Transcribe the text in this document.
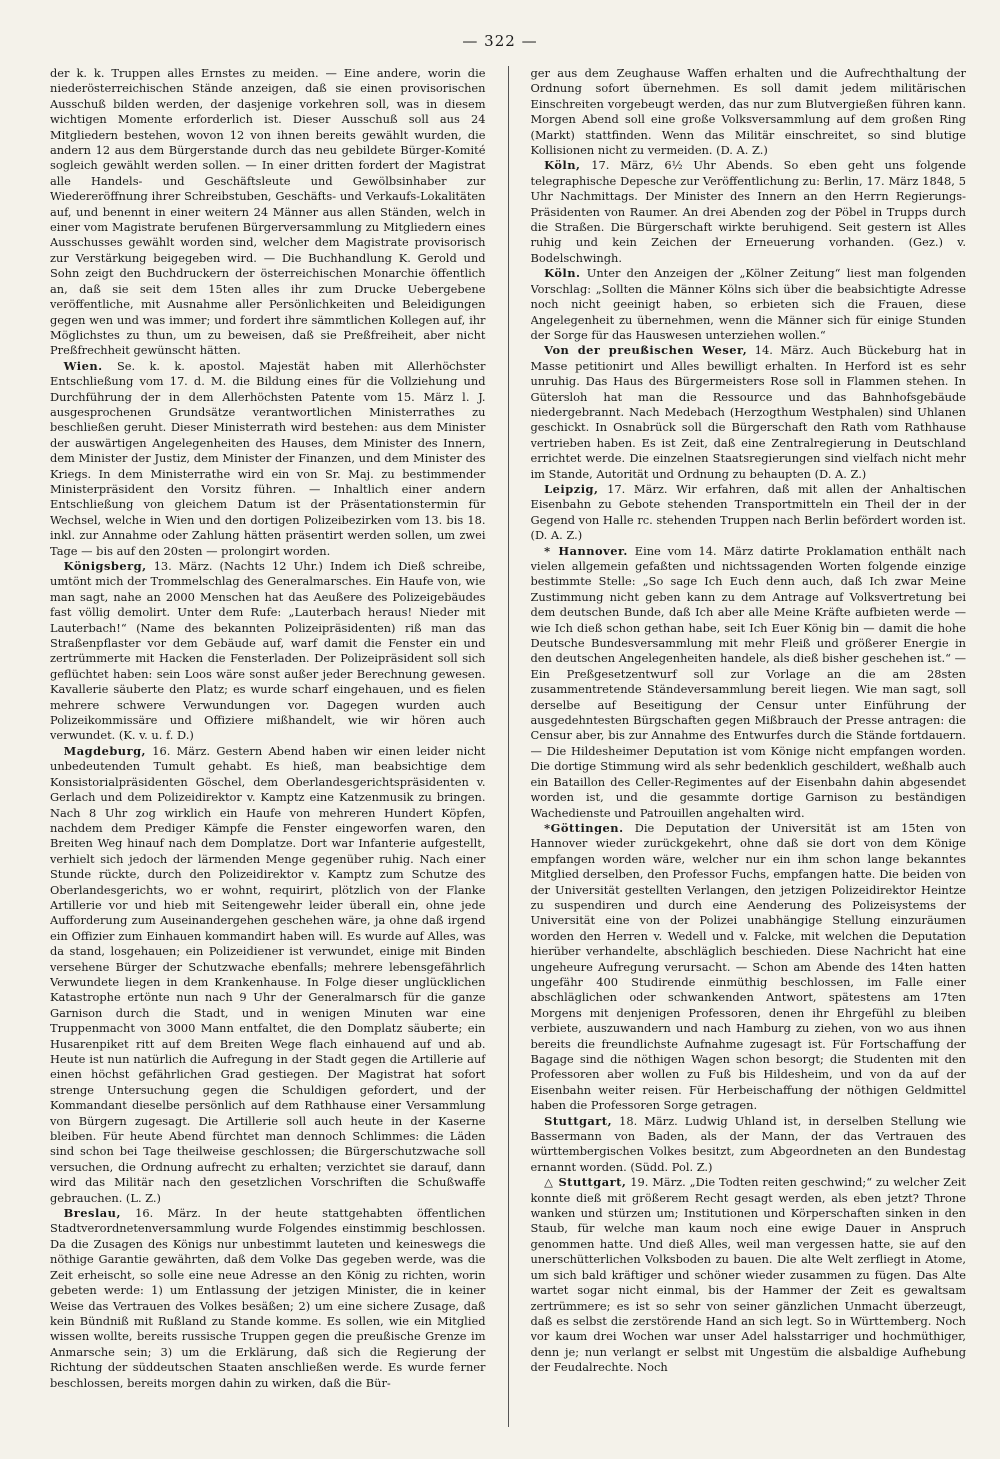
— 322 —

der k. k. Truppen alles Ernstes zu meiden. — Eine andere, worin die niederösterreichischen Stände anzeigen, daß sie einen provisorischen Ausschuß bilden werden, der dasjenige vorkehren soll, was in diesem wichtigen Momente erforderlich ist. Dieser Ausschuß soll aus 24 Mitgliedern bestehen, wovon 12 von ihnen bereits gewählt wurden, die andern 12 aus dem Bürgerstande durch das neu gebildete Bürger-Komité sogleich gewählt werden sollen. — In einer dritten fordert der Magistrat alle Handels- und Geschäftsleute und Gewölbsinhaber zur Wiedereröffnung ihrer Schreibstuben, Geschäfts- und Verkaufs-Lokalitäten auf, und benennt in einer weitern 24 Männer aus allen Ständen, welch in einer vom Magistrate berufenen Bürgerversammlung zu Mitgliedern eines Ausschusses gewählt worden sind, welcher dem Magistrate provisorisch zur Verstärkung beigegeben wird. — Die Buchhandlung K. Gerold und Sohn zeigt den Buchdruckern der österreichischen Monarchie öffentlich an, daß sie seit dem 15ten alles ihr zum Drucke Uebergebene veröffentliche, mit Ausnahme aller Persönlichkeiten und Beleidigungen gegen wen und was immer; und fordert ihre sämmtlichen Kollegen auf, ihr Möglichstes zu thun, um zu beweisen, daß sie Preßfreiheit, aber nicht Preßfrechheit gewünscht hätten.

Wien. Se. k. k. apostol. Majestät haben mit Allerhöchster Entschließung vom 17. d. M. die Bildung eines für die Vollziehung und Durchführung der in dem Allerhöchsten Patente vom 15. März l. J. ausgesprochenen Grundsätze verantwortlichen Ministerrathes zu beschließen geruht. Dieser Ministerrath wird bestehen: aus dem Minister der auswärtigen Angelegenheiten des Hauses, dem Minister des Innern, dem Minister der Justiz, dem Minister der Finanzen, und dem Minister des Kriegs. In dem Ministerrathe wird ein von Sr. Maj. zu bestimmender Ministerpräsident den Vorsitz führen. — Inhaltlich einer andern Entschließung von gleichem Datum ist der Präsentationstermin für Wechsel, welche in Wien und den dortigen Polizeibezirken vom 13. bis 18. inkl. zur Annahme oder Zahlung hätten präsentirt werden sollen, um zwei Tage — bis auf den 20sten — prolongirt worden.

Königsberg, 13. März. (Nachts 12 Uhr.) Indem ich Dieß schreibe, umtönt mich der Trommelschlag des Generalmarsches. Ein Haufe von, wie man sagt, nahe an 2000 Menschen hat das Aeußere des Polizeigebäudes fast völlig demolirt. Unter dem Rufe: „Lauterbach heraus! Nieder mit Lauterbach!“ (Name des bekannten Polizeipräsidenten) riß man das Straßenpflaster vor dem Gebäude auf, warf damit die Fenster ein und zertrümmerte mit Hacken die Fensterladen. Der Polizeipräsident soll sich geflüchtet haben: sein Loos wäre sonst außer jeder Berechnung gewesen. Kavallerie säuberte den Platz; es wurde scharf eingehauen, und es fielen mehrere schwere Verwundungen vor. Dagegen wurden auch Polizeikommissäre und Offiziere mißhandelt, wie wir hören auch verwundet. (K. v. u. f. D.)

Magdeburg, 16. März. Gestern Abend haben wir einen leider nicht unbedeutenden Tumult gehabt. Es hieß, man beabsichtige dem Konsistorialpräsidenten Göschel, dem Oberlandesgerichtspräsidenten v. Gerlach und dem Polizeidirektor v. Kamptz eine Katzenmusik zu bringen. Nach 8 Uhr zog wirklich ein Haufe von mehreren Hundert Köpfen, nachdem dem Prediger Kämpfe die Fenster eingeworfen waren, den Breiten Weg hinauf nach dem Domplatze. Dort war Infanterie aufgestellt, verhielt sich jedoch der lärmenden Menge gegenüber ruhig. Nach einer Stunde rückte, durch den Polizeidirektor v. Kamptz zum Schutze des Oberlandesgerichts, wo er wohnt, requirirt, plötzlich von der Flanke Artillerie vor und hieb mit Seitengewehr leider überall ein, ohne jede Aufforderung zum Auseinandergehen geschehen wäre, ja ohne daß irgend ein Offizier zum Einhauen kommandirt haben will. Es wurde auf Alles, was da stand, losgehauen; ein Polizeidiener ist verwundet, einige mit Binden versehene Bürger der Schutzwache ebenfalls; mehrere lebensgefährlich Verwundete liegen in dem Krankenhause. In Folge dieser unglücklichen Katastrophe ertönte nun nach 9 Uhr der Generalmarsch für die ganze Garnison durch die Stadt, und in wenigen Minuten war eine Truppenmacht von 3000 Mann entfaltet, die den Domplatz säuberte; ein Husarenpiket ritt auf dem Breiten Wege flach einhauend auf und ab. Heute ist nun natürlich die Aufregung in der Stadt gegen die Artillerie auf einen höchst gefährlichen Grad gestiegen. Der Magistrat hat sofort strenge Untersuchung gegen die Schuldigen gefordert, und der Kommandant dieselbe persönlich auf dem Rathhause einer Versammlung von Bürgern zugesagt. Die Artillerie soll auch heute in der Kaserne bleiben. Für heute Abend fürchtet man dennoch Schlimmes: die Läden sind schon bei Tage theilweise geschlossen; die Bürgerschutzwache soll versuchen, die Ordnung aufrecht zu erhalten; verzichtet sie darauf, dann wird das Militär nach den gesetzlichen Vorschriften die Schußwaffe gebrauchen. (L. Z.)

Breslau, 16. März. In der heute stattgehabten öffentlichen Stadtverordnetenversammlung wurde Folgendes einstimmig beschlossen. Da die Zusagen des Königs nur unbestimmt lauteten und keineswegs die nöthige Garantie gewährten, daß dem Volke Das gegeben werde, was die Zeit erheischt, so solle eine neue Adresse an den König zu richten, worin gebeten werde: 1) um Entlassung der jetzigen Minister, die in keiner Weise das Vertrauen des Volkes besäßen; 2) um eine sichere Zusage, daß kein Bündniß mit Rußland zu Stande komme. Es sollen, wie ein Mitglied wissen wollte, bereits russische Truppen gegen die preußische Grenze im Anmarsche sein; 3) um die Erklärung, daß sich die Regierung der Richtung der süddeutschen Staaten anschließen werde. Es wurde ferner beschlossen, bereits morgen dahin zu wirken, daß die Bür-

ger aus dem Zeughause Waffen erhalten und die Aufrechthaltung der Ordnung sofort übernehmen. Es soll damit jedem militärischen Einschreiten vorgebeugt werden, das nur zum Blutvergießen führen kann. Morgen Abend soll eine große Volksversammlung auf dem großen Ring (Markt) stattfinden. Wenn das Militär einschreitet, so sind blutige Kollisionen nicht zu vermeiden. (D. A. Z.)

Köln, 17. März, 6½ Uhr Abends. So eben geht uns folgende telegraphische Depesche zur Veröffentlichung zu: Berlin, 17. März 1848, 5 Uhr Nachmittags. Der Minister des Innern an den Herrn Regierungs-Präsidenten von Raumer. An drei Abenden zog der Pöbel in Trupps durch die Straßen. Die Bürgerschaft wirkte beruhigend. Seit gestern ist Alles ruhig und kein Zeichen der Erneuerung vorhanden. (Gez.) v. Bodelschwingh.

Köln. Unter den Anzeigen der „Kölner Zeitung“ liest man folgenden Vorschlag: „Sollten die Männer Kölns sich über die beabsichtigte Adresse noch nicht geeinigt haben, so erbieten sich die Frauen, diese Angelegenheit zu übernehmen, wenn die Männer sich für einige Stunden der Sorge für das Hauswesen unterziehen wollen.“

Von der preußischen Weser, 14. März. Auch Bückeburg hat in Masse petitionirt und Alles bewilligt erhalten. In Herford ist es sehr unruhig. Das Haus des Bürgermeisters Rose soll in Flammen stehen. In Gütersloh hat man die Ressource und das Bahnhofsgebäude niedergebrannt. Nach Medebach (Herzogthum Westphalen) sind Uhlanen geschickt. In Osnabrück soll die Bürgerschaft den Rath vom Rathhause vertrieben haben. Es ist Zeit, daß eine Zentralregierung in Deutschland errichtet werde. Die einzelnen Staatsregierungen sind vielfach nicht mehr im Stande, Autorität und Ordnung zu behaupten (D. A. Z.)

Leipzig, 17. März. Wir erfahren, daß mit allen der Anhaltischen Eisenbahn zu Gebote stehenden Transportmitteln ein Theil der in der Gegend von Halle rc. stehenden Truppen nach Berlin befördert worden ist. (D. A. Z.)

* Hannover. Eine vom 14. März datirte Proklamation enthält nach vielen allgemein gefaßten und nichtssagenden Worten folgende einzige bestimmte Stelle: „So sage Ich Euch denn auch, daß Ich zwar Meine Zustimmung nicht geben kann zu dem Antrage auf Volksvertretung bei dem deutschen Bunde, daß Ich aber alle Meine Kräfte aufbieten werde — wie Ich dieß schon gethan habe, seit Ich Euer König bin — damit die hohe Deutsche Bundesversammlung mit mehr Fleiß und größerer Energie in den deutschen Angelegenheiten handele, als dieß bisher geschehen ist.“ — Ein Preßgesetzentwurf soll zur Vorlage an die am 28sten zusammentretende Ständeversammlung bereit liegen. Wie man sagt, soll derselbe auf Beseitigung der Censur unter Einführung der ausgedehntesten Bürgschaften gegen Mißbrauch der Presse antragen: die Censur aber, bis zur Annahme des Entwurfes durch die Stände fortdauern. — Die Hildesheimer Deputation ist vom Könige nicht empfangen worden. Die dortige Stimmung wird als sehr bedenklich geschildert, weßhalb auch ein Bataillon des Celler-Regimentes auf der Eisenbahn dahin abgesendet worden ist, und die gesammte dortige Garnison zu beständigen Wachedienste und Patrouillen angehalten wird.

*Göttingen. Die Deputation der Universität ist am 15ten von Hannover wieder zurückgekehrt, ohne daß sie dort von dem Könige empfangen worden wäre, welcher nur ein ihm schon lange bekanntes Mitglied derselben, den Professor Fuchs, empfangen hatte. Die beiden von der Universität gestellten Verlangen, den jetzigen Polizeidirektor Heintze zu suspendiren und durch eine Aenderung des Polizeisystems der Universität eine von der Polizei unabhängige Stellung einzuräumen worden den Herren v. Wedell und v. Falcke, mit welchen die Deputation hierüber verhandelte, abschläglich beschieden. Diese Nachricht hat eine ungeheure Aufregung verursacht. — Schon am Abende des 14ten hatten ungefähr 400 Studirende einmüthig beschlossen, im Falle einer abschläglichen oder schwankenden Antwort, spätestens am 17ten Morgens mit denjenigen Professoren, denen ihr Ehrgefühl zu bleiben verbiete, auszuwandern und nach Hamburg zu ziehen, von wo aus ihnen bereits die freundlichste Aufnahme zugesagt ist. Für Fortschaffung der Bagage sind die nöthigen Wagen schon besorgt; die Studenten mit den Professoren aber wollen zu Fuß bis Hildesheim, und von da auf der Eisenbahn weiter reisen. Für Herbeischaffung der nöthigen Geldmittel haben die Professoren Sorge getragen.

Stuttgart, 18. März. Ludwig Uhland ist, in derselben Stellung wie Bassermann von Baden, als der Mann, der das Vertrauen des württembergischen Volkes besitzt, zum Abgeordneten an den Bundestag ernannt worden. (Südd. Pol. Z.)

△ Stuttgart, 19. März. „Die Todten reiten geschwind;“ zu welcher Zeit konnte dieß mit größerem Recht gesagt werden, als eben jetzt? Throne wanken und stürzen um; Institutionen und Körperschaften sinken in den Staub, für welche man kaum noch eine ewige Dauer in Anspruch genommen hatte. Und dieß Alles, weil man vergessen hatte, sie auf den unerschütterlichen Volksboden zu bauen. Die alte Welt zerfliegt in Atome, um sich bald kräftiger und schöner wieder zusammen zu fügen. Das Alte wartet sogar nicht einmal, bis der Hammer der Zeit es gewaltsam zertrümmere; es ist so sehr von seiner gänzlichen Unmacht überzeugt, daß es selbst die zerstörende Hand an sich legt. So in Württemberg. Noch vor kaum drei Wochen war unser Adel halsstarriger und hochmüthiger, denn je; nun verlangt er selbst mit Ungestüm die alsbaldige Aufhebung der Feudalrechte. Noch
